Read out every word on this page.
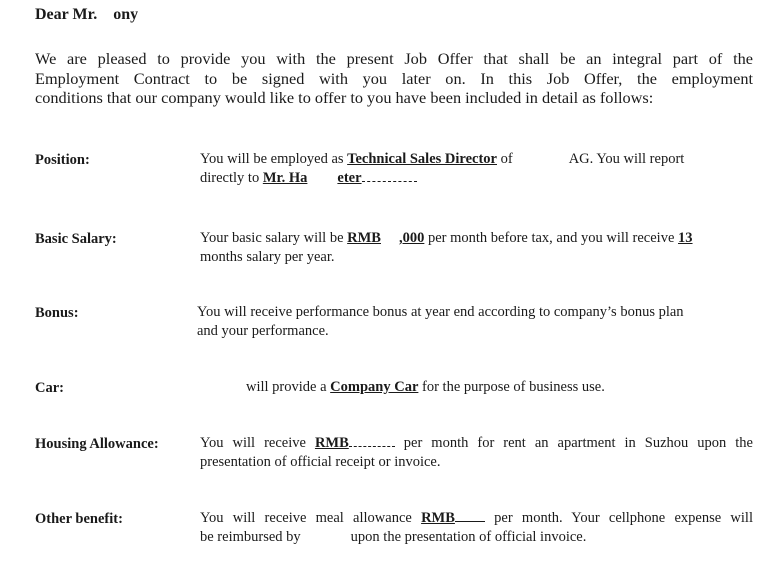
Dear Mr.    ony
We are pleased to provide you with the present Job Offer that shall be an integral part of the
Employment Contract to be signed with you later on. In this Job Offer, the employment
conditions that our company would like to offer to you have been included in detail as follows:
Position:	You will be employed as Technical Sales Director of	AG. You will report
directly to Mr. Ha eter
Basic Salary:	Your basic salary will be RMB ,000 per month before tax, and you will receive 13
months salary per year.
Bonus:	You will receive performance bonus at year end according to company’s bonus plan
and your performance.
Car:	will provide a Company Car for the purpose of business use.
Housing Allowance:	You will receive RMB	per month for rent an apartment in Suzhou upon the
presentation of official receipt or invoice.
Other benefit:	You will receive meal allowance RMB per month. Your cellphone expense will
be reimbursed by	upon the presentation of official invoice.
